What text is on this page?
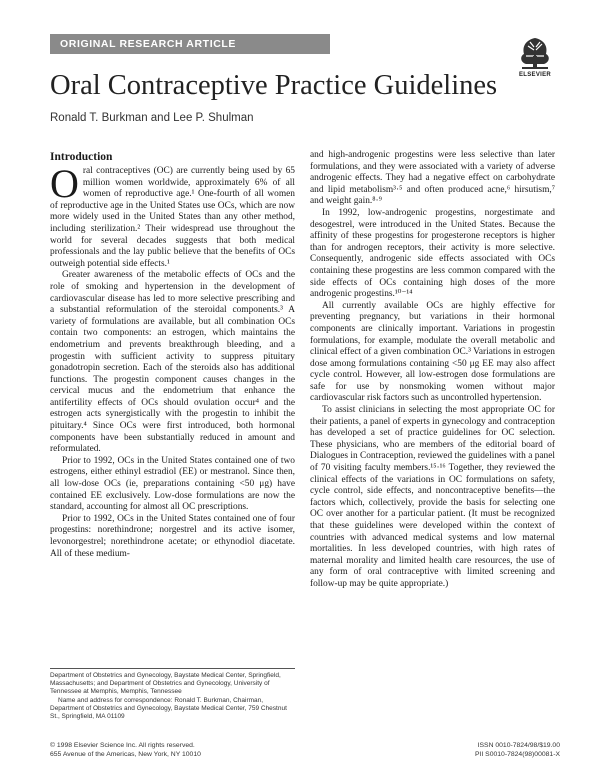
ORIGINAL RESEARCH ARTICLE
ELSEVIER
Oral Contraceptive Practice Guidelines
Ronald T. Burkman and Lee P. Shulman
Introduction

Oral contraceptives (OC) are currently being used by 65 million women worldwide, approximately 6% of all women of reproductive age.¹ One-fourth of all women of reproductive age in the United States use OCs, which are now more widely used in the United States than any other method, including sterilization.² Their widespread use throughout the world for several decades suggests that both medical professionals and the lay public believe that the benefits of OCs outweigh potential side effects.¹

Greater awareness of the metabolic effects of OCs and the role of smoking and hypertension in the development of cardiovascular disease has led to more selective prescribing and a substantial reformulation of the steroidal components.³ A variety of formulations are available, but all combination OCs contain two components: an estrogen, which maintains the endometrium and prevents breakthrough bleeding, and a progestin with sufficient activity to suppress pituitary gonadotropin secretion. Each of the steroids also has additional functions. The progestin component causes changes in the cervical mucus and the endometrium that enhance the antifertility effects of OCs should ovulation occur⁴ and the estrogen acts synergistically with the progestin to inhibit the pituitary.⁴ Since OCs were first introduced, both hormonal components have been substantially reduced in amount and reformulated.

Prior to 1992, OCs in the United States contained one of two estrogens, either ethinyl estradiol (EE) or mestranol. Since then, all low-dose OCs (ie, preparations containing <50 μg) have contained EE exclusively. Low-dose formulations are now the standard, accounting for almost all OC prescriptions.

Prior to 1992, OCs in the United States contained one of four progestins: norethindrone; norgestrel and its active isomer, levonorgestrel; norethindrone acetate; or ethynodiol diacetate. All of these medium-

and high-androgenic progestins were less selective than later formulations, and they were associated with a variety of adverse androgenic effects. They had a negative effect on carbohydrate and lipid metabolism³·⁵ and often produced acne,⁶ hirsutism,⁷ and weight gain.⁸·⁹

In 1992, low-androgenic progestins, norgestimate and desogestrel, were introduced in the United States. Because the affinity of these progestins for progesterone receptors is higher than for androgen receptors, their activity is more selective. Consequently, androgenic side effects associated with OCs containing these progestins are less common compared with the side effects of OCs containing high doses of the more androgenic progestins.¹⁰⁻¹⁴

All currently available OCs are highly effective for preventing pregnancy, but variations in their hormonal components are clinically important. Variations in progestin formulations, for example, modulate the overall metabolic and clinical effect of a given combination OC.³ Variations in estrogen dose among formulations containing <50 μg EE may also affect cycle control. However, all low-estrogen dose formulations are safe for use by nonsmoking women without major cardiovascular risk factors such as uncontrolled hypertension.

To assist clinicians in selecting the most appropriate OC for their patients, a panel of experts in gynecology and contraception has developed a set of practice guidelines for OC selection. These physicians, who are members of the editorial board of Dialogues in Contraception, reviewed the guidelines with a panel of 70 visiting faculty members.¹⁵·¹⁶ Together, they reviewed the clinical effects of the variations in OC formulations on safety, cycle control, side effects, and noncontraceptive benefits—the factors which, collectively, provide the basis for selecting one OC over another for a particular patient. (It must be recognized that these guidelines were developed within the context of countries with advanced medical systems and low maternal mortalities. In less developed countries, with high rates of maternal morality and limited health care resources, the use of any form of oral contraceptive with limited screening and follow-up may be quite appropriate.)

Department of Obstetrics and Gynecology, Baystate Medical Center, Springfield, Massachusetts; and Department of Obstetrics and Gynecology, University of Tennessee at Memphis, Memphis, Tennessee

Name and address for correspondence: Ronald T. Burkman, Chairman, Department of Obstetrics and Gynecology, Baystate Medical Center, 759 Chestnut St., Springfield, MA 01109

© 1998 Elsevier Science Inc. All rights reserved.
655 Avenue of the Americas, New York, NY 10010
ISSN 0010-7824/98/$19.00
PII S0010-7824(98)00081-X
